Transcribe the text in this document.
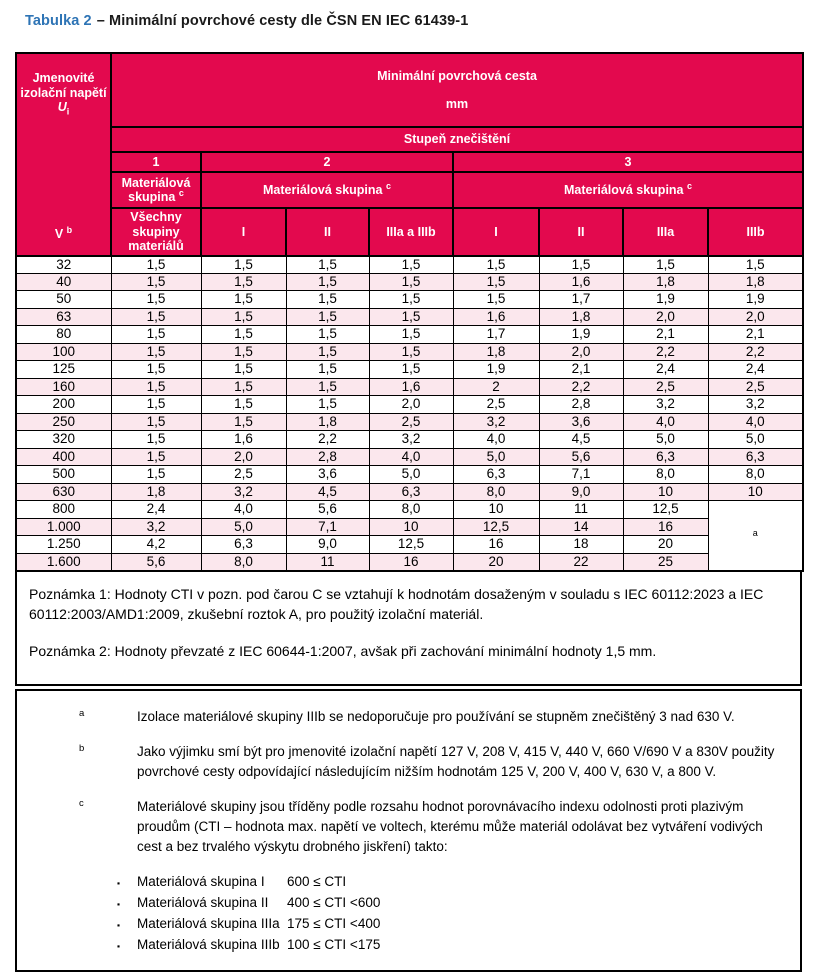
Tabulka 2 – Minimální povrchové cesty dle ČSN EN IEC 61439-1
Jmenovité izolační napětí
$U_i$
V $^b$

Minimální povrchová cesta
mm

	Stupeň znečištění							
	1	2			3			
	Materiálová skupina $^c$	Materiálová skupina $^c$			Materiálová skupina $^c$
	Všechny skupiny materiálů	I	II	IIIa a IIIb	I	II	IIIa	IIIb
32	1,5	1,5	1,5	1,5	1,5	1,5	1,5	1,5
40	1,5	1,5	1,5	1,5	1,5	1,6	1,8	1,8
50	1,5	1,5	1,5	1,5	1,5	1,7	1,9	1,9
63	1,5	1,5	1,5	1,5	1,6	1,8	2,0	2,0
80	1,5	1,5	1,5	1,5	1,7	1,9	2,1	2,1
100	1,5	1,5	1,5	1,5	1,8	2,0	2,2	2,2
125	1,5	1,5	1,5	1,5	1,9	2,1	2,4	2,4
160	1,5	1,5	1,5	1,6	2	2,2	2,5	2,5
200	1,5	1,5	1,5	2,0	2,5	2,8	3,2	3,2
250	1,5	1,5	1,8	2,5	3,2	3,6	4,0	4,0
320	1,5	1,6	2,2	3,2	4,0	4,5	5,0	5,0
400	1,5	2,0	2,8	4,0	5,0	5,6	6,3	6,3
500	1,5	2,5	3,6	5,0	6,3	7,1	8,0	8,0
630	1,8	3,2	4,5	6,3	8,0	9,0	10	10
800	2,4	4,0	5,6	8,0	10	11	12,5	$^a$
1.000	3,2	5,0	7,1	10	12,5	14	16	
1.250	4,2	6,3	9,0	12,5	16	18	20	
1.600	5,6	8,0	11	16	20	22	25	

Poznámka 1: Hodnoty CTI v pozn. pod čarou C se vztahují k hodnotám dosaženým v souladu s IEC 60112:2023 a IEC 60112:2003/AMD1:2009, zkušební roztok A, pro použitý izolační materiál.

Poznámka 2: Hodnoty převzaté z IEC 60644-1:2007, avšak při zachování minimální hodnoty 1,5 mm.

a	Izolace materiálové skupiny IIIb se nedoporučuje pro používání se stupněm znečištěný 3 nad 630 V.
b	Jako výjimku smí být pro jmenovité izolační napětí 127 V, 208 V, 415 V, 440 V, 660 V/690 V a 830V použity povrchové cesty odpovídající následujícím nižším hodnotám 125 V, 200 V, 400 V, 630 V, a 800 V.
c	Materiálové skupiny jsou tříděny podle rozsahu hodnot porovnávacího indexu odolnosti proti plazivým proudům (CTI – hodnota max. napětí ve voltech, kterému může materiál odolávat bez vytváření vodivých cest a bez trvalého výskytu drobného jiskření) takto:
▪	Materiálová skupina I	600 ≤ CTI
▪	Materiálová skupina II	400 ≤ CTI <600
▪	Materiálová skupina IIIa 175 ≤ CTI <400
▪	Materiálová skupina IIIb 100 ≤ CTI <175
